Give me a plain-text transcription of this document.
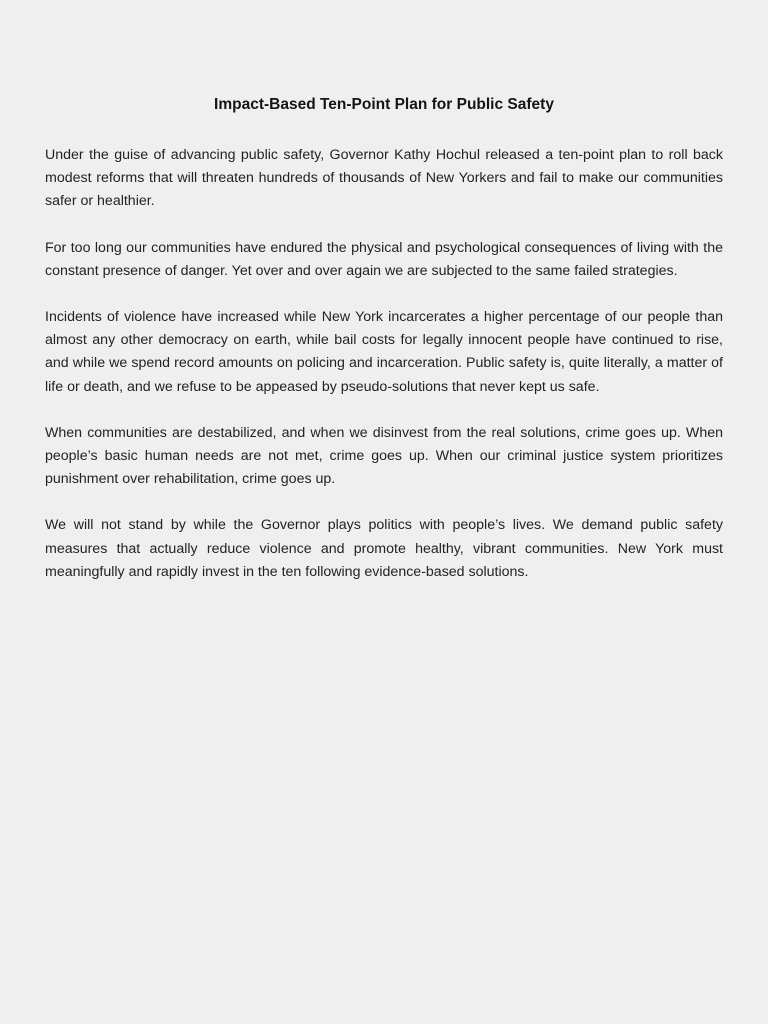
Impact-Based Ten-Point Plan for Public Safety

Under the guise of advancing public safety, Governor Kathy Hochul released a ten-point plan to roll back modest reforms that will threaten hundreds of thousands of New Yorkers and fail to make our communities safer or healthier.

For too long our communities have endured the physical and psychological consequences of living with the constant presence of danger. Yet over and over again we are subjected to the same failed strategies.

Incidents of violence have increased while New York incarcerates a higher percentage of our people than almost any other democracy on earth, while bail costs for legally innocent people have continued to rise, and while we spend record amounts on policing and incarceration. Public safety is, quite literally, a matter of life or death, and we refuse to be appeased by pseudo-solutions that never kept us safe.

When communities are destabilized, and when we disinvest from the real solutions, crime goes up. When people’s basic human needs are not met, crime goes up. When our criminal justice system prioritizes punishment over rehabilitation, crime goes up.

We will not stand by while the Governor plays politics with people’s lives. We demand public safety measures that actually reduce violence and promote healthy, vibrant communities. New York must meaningfully and rapidly invest in the ten following evidence-based solutions.
